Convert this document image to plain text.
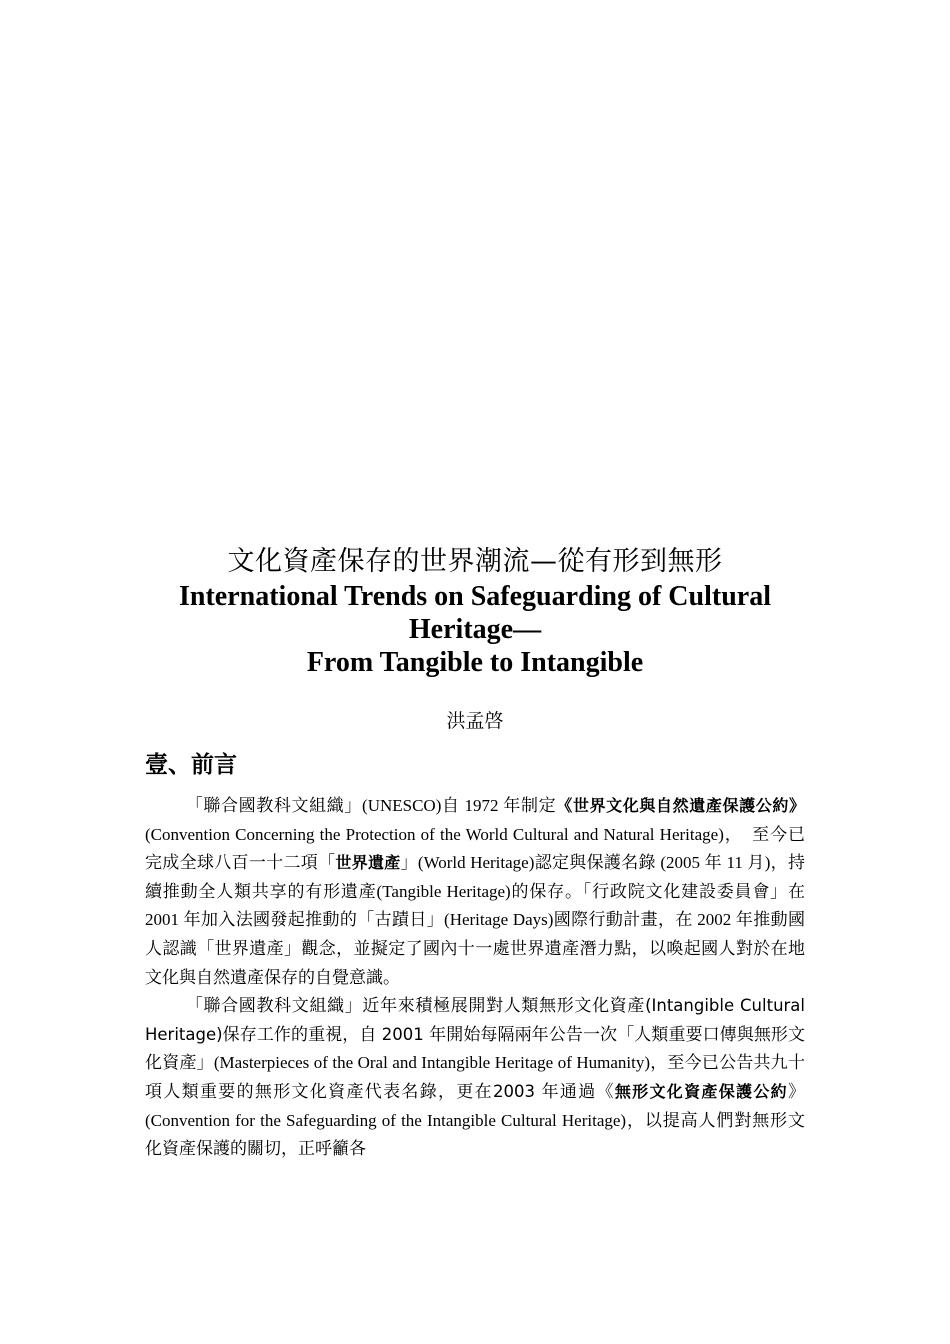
文化資產保存的世界潮流—從有形到無形
International Trends on Safeguarding of Cultural
Heritage—
From Tangible to Intangible
洪孟啓
壹、前言

「聯合國教科文組織」(UNESCO)自 1972 年制定《世界文化與自然遺產保護公約》(Convention Concerning the Protection of the World Cultural and Natural Heritage)，　至今已完成全球八百一十二項「世界遺產」(World Heritage)認定與保護名錄 (2005 年 11 月)，持續推動全人類共享的有形遺產(Tangible Heritage)的保存。「行政院文化建設委員會」在 2001 年加入法國發起推動的「古蹟日」(Heritage Days)國際行動計畫，在 2002 年推動國人認識「世界遺產」觀念，並擬定了國內十一處世界遺產潛力點，以喚起國人對於在地文化與自然遺產保存的自覺意識。

「聯合國教科文組織」近年來積極展開對人類無形文化資產(Intangible Cultural Heritage)保存工作的重視，自 2001 年開始每隔兩年公告一次「人類重要口傳與無形文化資產」(Masterpieces of the Oral and Intangible Heritage of Humanity)，至今已公告共九十項人類重要的無形文化資產代表名錄，更在2003 年通過《無形文化資產保護公約》(Convention for the Safeguarding of the Intangible Cultural Heritage)，以提高人們對無形文化資產保護的關切，正呼籲各
